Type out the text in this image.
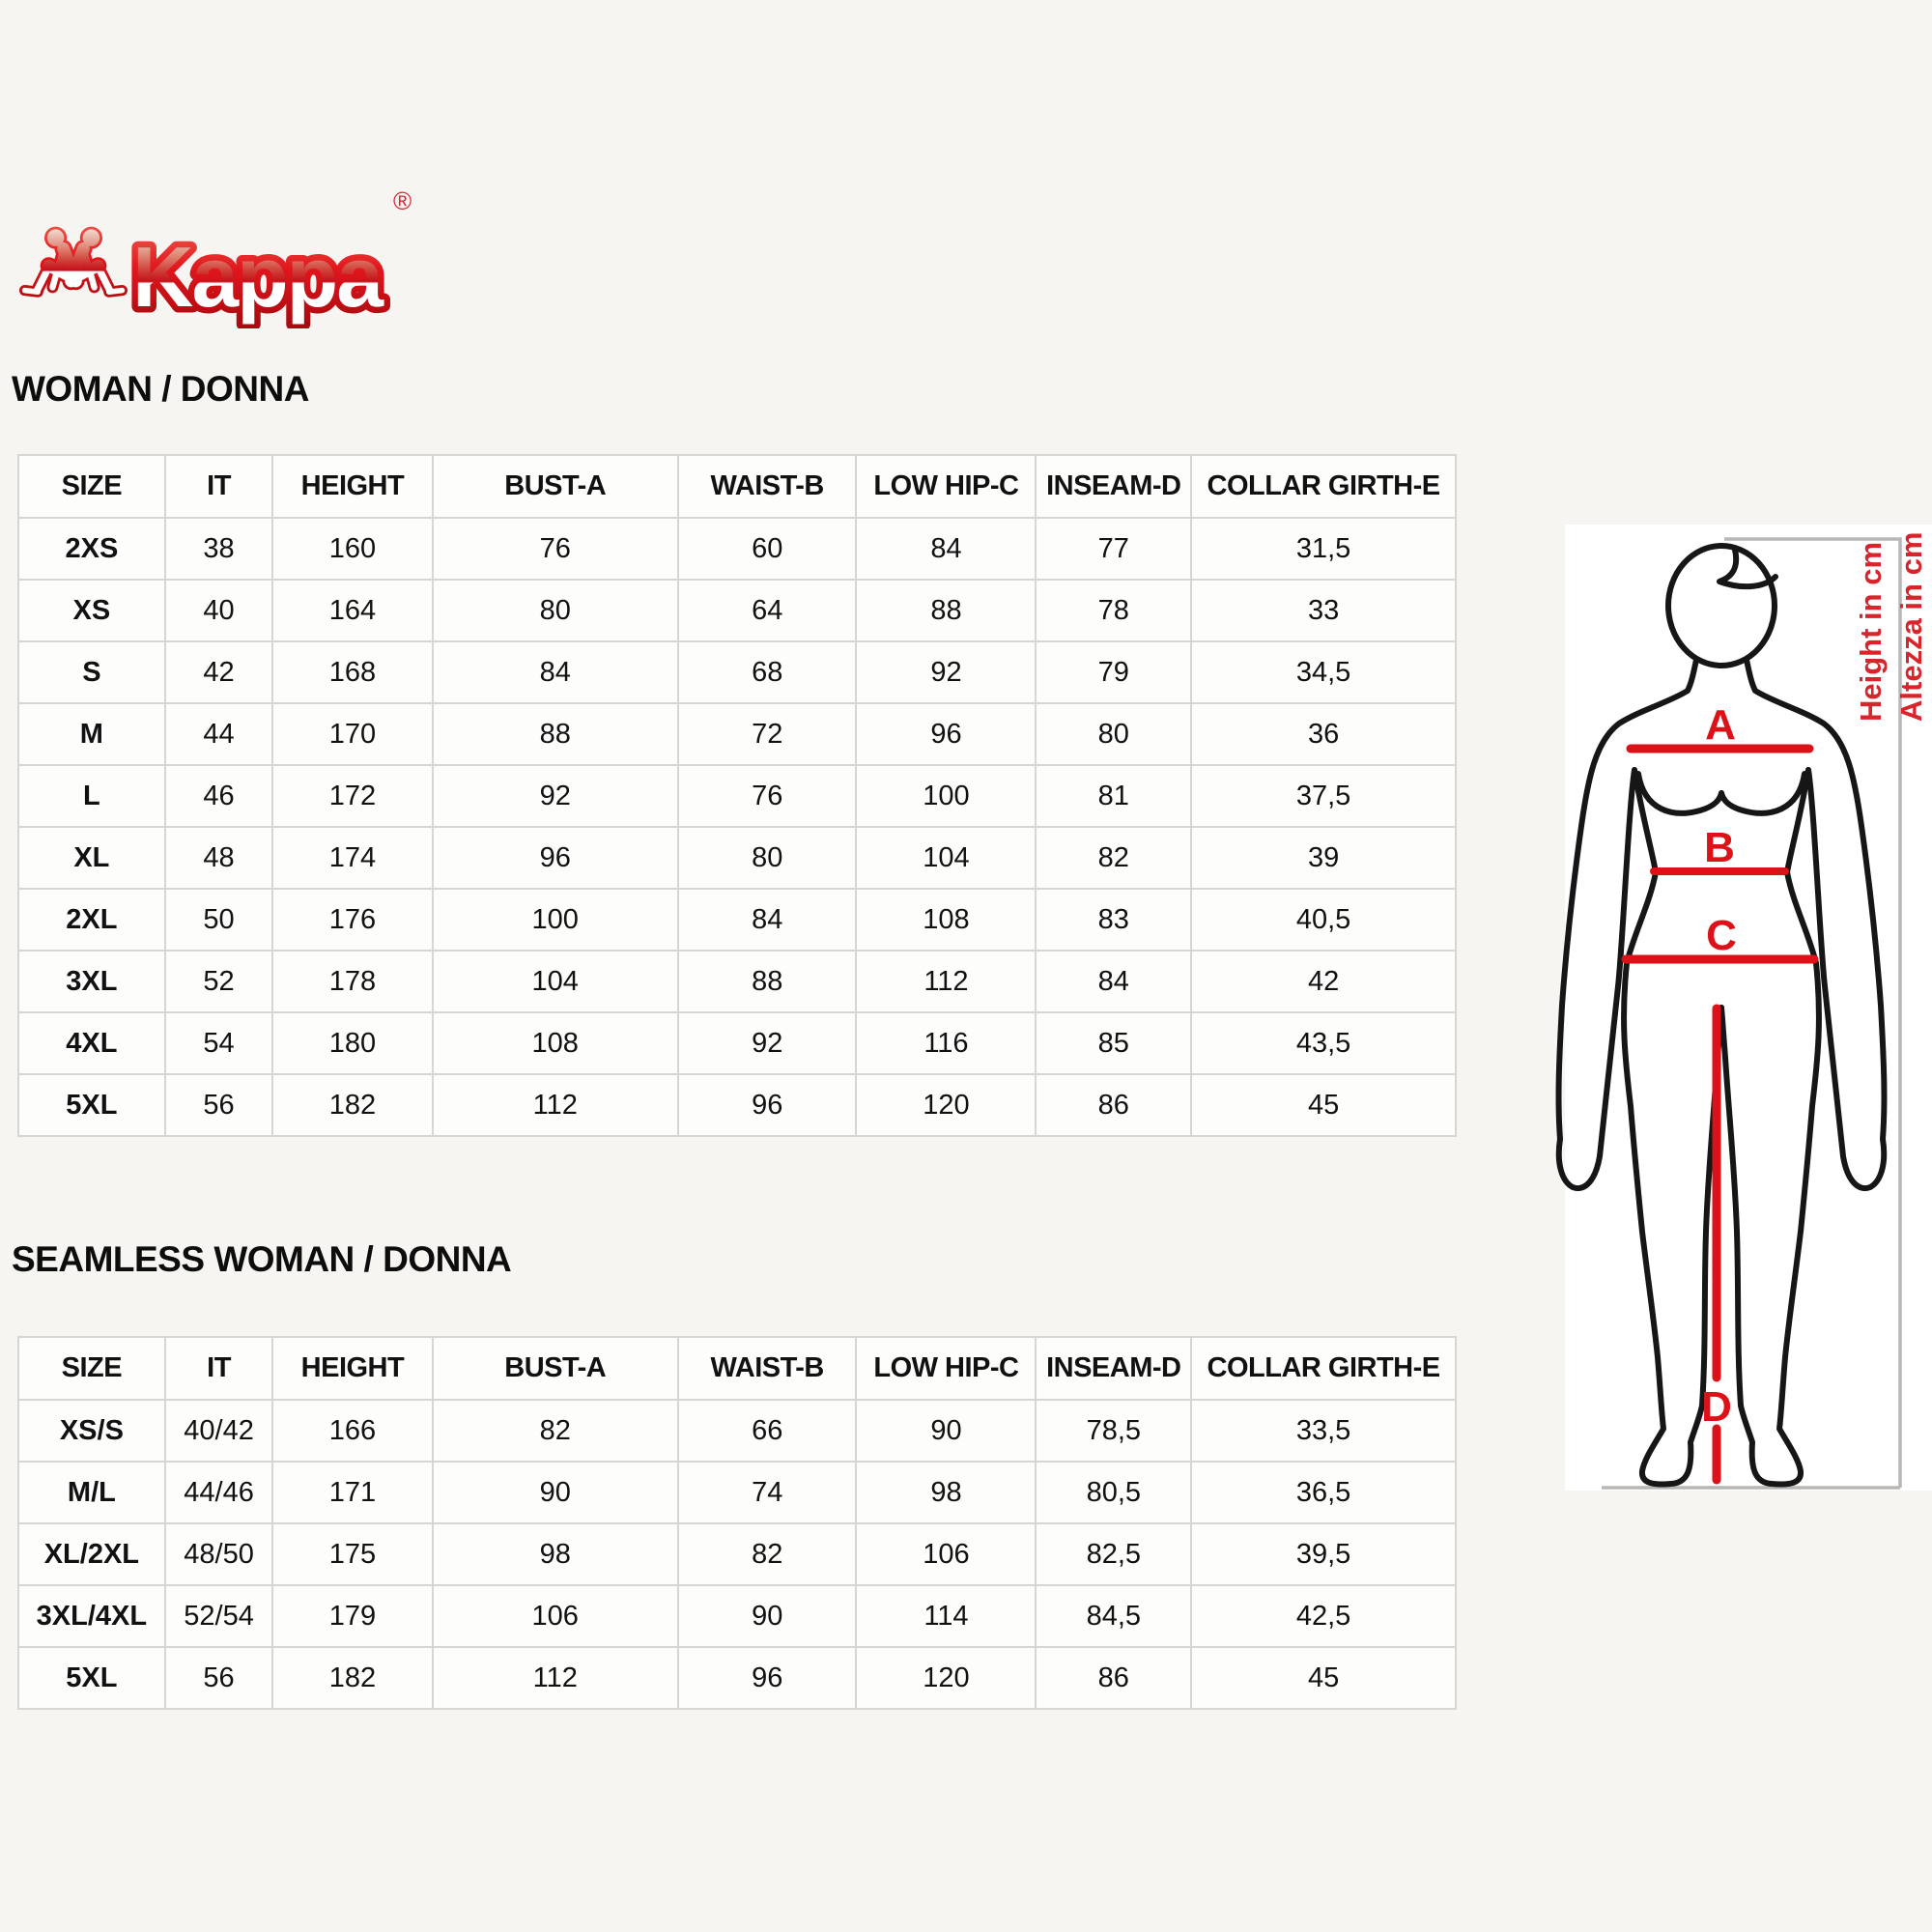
Kappa
®
WOMAN / DONNA
SIZE	IT	HEIGHT	BUST-A	WAIST-B	LOW HIP-C	INSEAM-D	COLLAR GIRTH-E
2XS	38	160	76	60	84	77	31,5
XS	40	164	80	64	88	78	33
S	42	168	84	68	92	79	34,5
M	44	170	88	72	96	80	36
L	46	172	92	76	100	81	37,5
XL	48	174	96	80	104	82	39
2XL	50	176	100	84	108	83	40,5
3XL	52	178	104	88	112	84	42
4XL	54	180	108	92	116	85	43,5
5XL	56	182	112	96	120	86	45
SEAMLESS WOMAN / DONNA
SIZE	IT	HEIGHT	BUST-A	WAIST-B	LOW HIP-C	INSEAM-D	COLLAR GIRTH-E
XS/S	40/42	166	82	66	90	78,5	33,5
M/L	44/46	171	90	74	98	80,5	36,5
XL/2XL	48/50	175	98	82	106	82,5	39,5
3XL/4XL	52/54	179	106	90	114	84,5	42,5
5XL	56	182	112	96	120	86	45
A
B
C
D
Height in cm Altezza in cm
